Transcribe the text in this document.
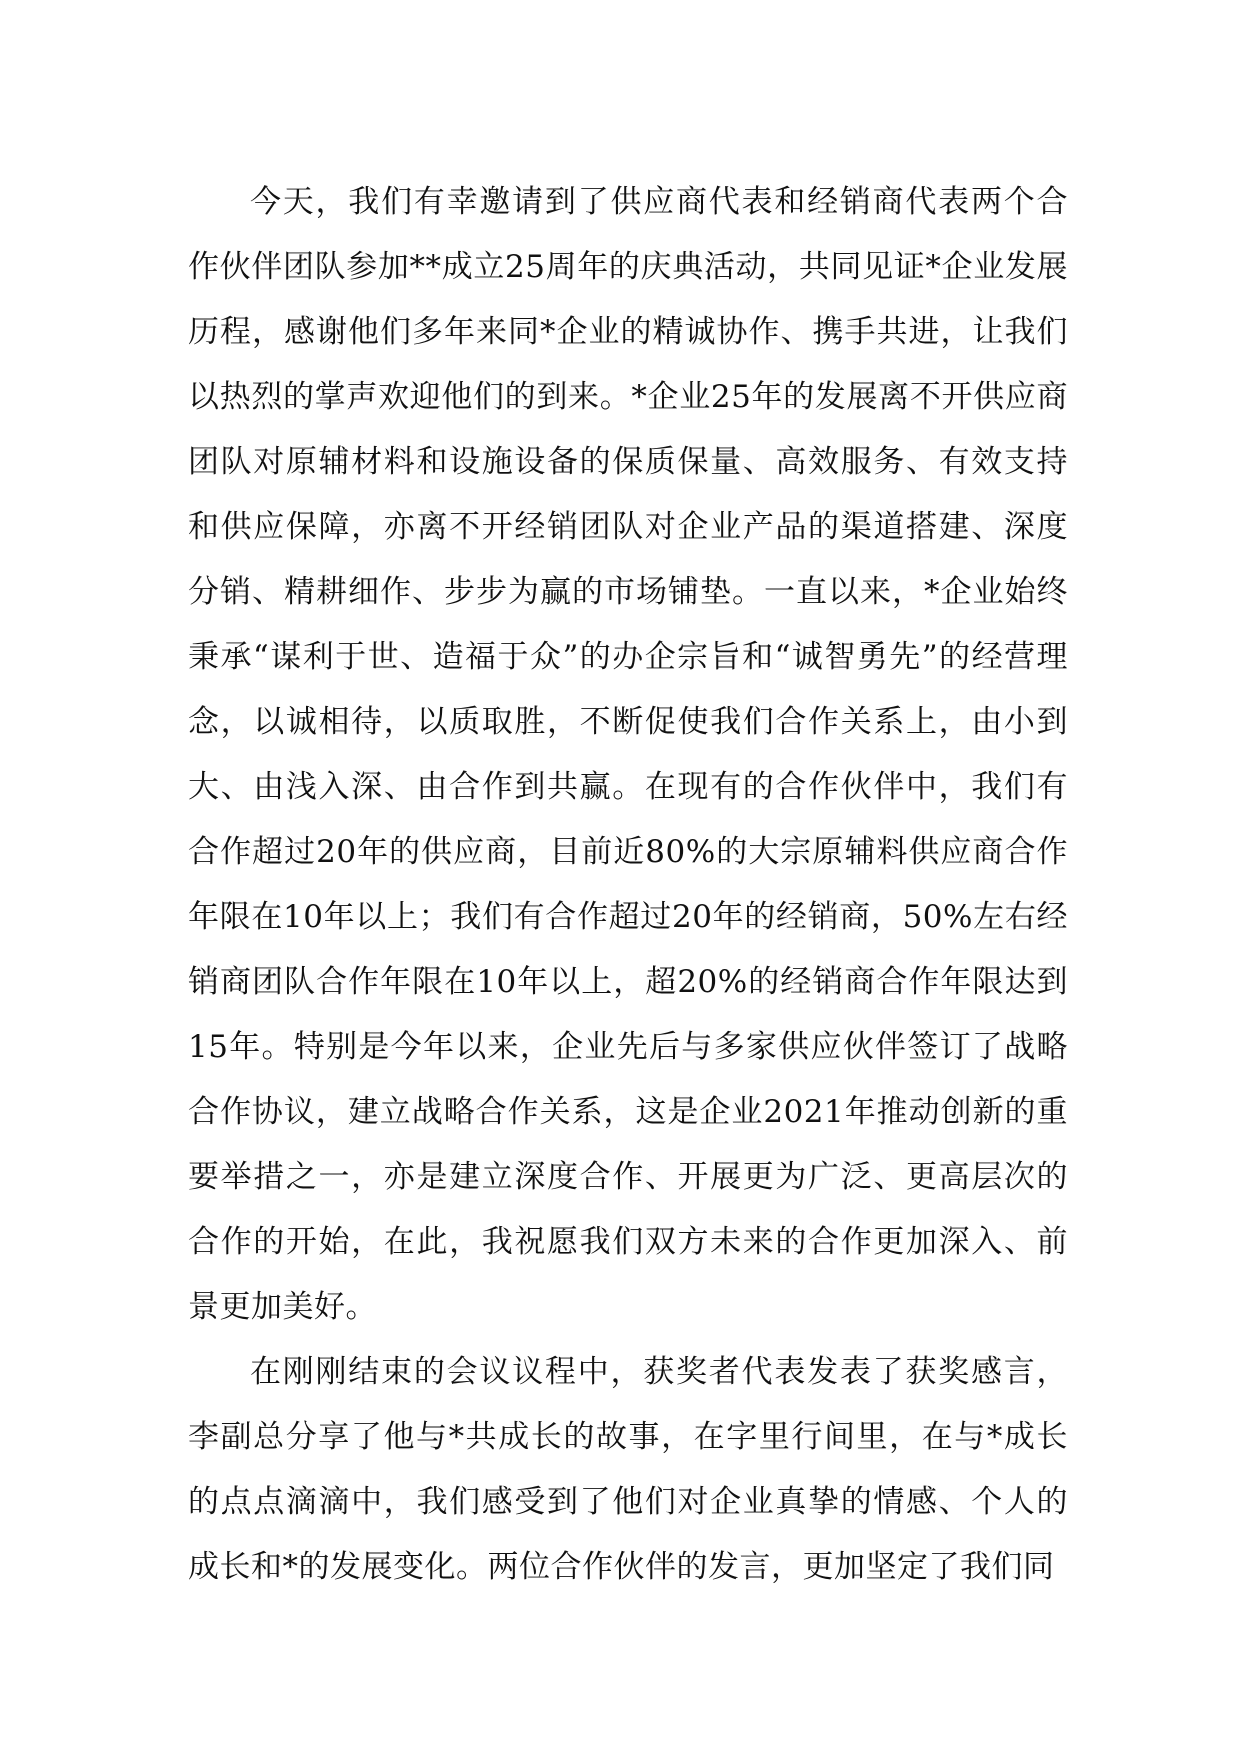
今天，我们有幸邀请到了供应商代表和经销商代表两个合作伙伴团队参加**成立25周年的庆典活动，共同见证*企业发展历程，感谢他们多年来同*企业的精诚协作、携手共进，让我们以热烈的掌声欢迎他们的到来。*企业25年的发展离不开供应商团队对原辅材料和设施设备的保质保量、高效服务、有效支持和供应保障，亦离不开经销团队对企业产品的渠道搭建、深度分销、精耕细作、步步为赢的市场铺垫。一直以来，*企业始终秉承“谋利于世、造福于众”的办企宗旨和“诚智勇先”的经营理念，以诚相待，以质取胜，不断促使我们合作关系上，由小到大、由浅入深、由合作到共赢。在现有的合作伙伴中，我们有合作超过20年的供应商，目前近80%的大宗原辅料供应商合作年限在10年以上；我们有合作超过20年的经销商，50%左右经销商团队合作年限在10年以上，超20%的经销商合作年限达到15年。特别是今年以来，企业先后与多家供应伙伴签订了战略合作协议，建立战略合作关系，这是企业2021年推动创新的重要举措之一，亦是建立深度合作、开展更为广泛、更高层次的合作的开始，在此，我祝愿我们双方未来的合作更加深入、前景更加美好。

在刚刚结束的会议议程中，获奖者代表发表了获奖感言，李副总分享了他与*共成长的故事，在字里行间里，在与*成长的点点滴滴中，我们感受到了他们对企业真挚的情感、个人的成长和*的发展变化。两位合作伙伴的发言，更加坚定了我们同
